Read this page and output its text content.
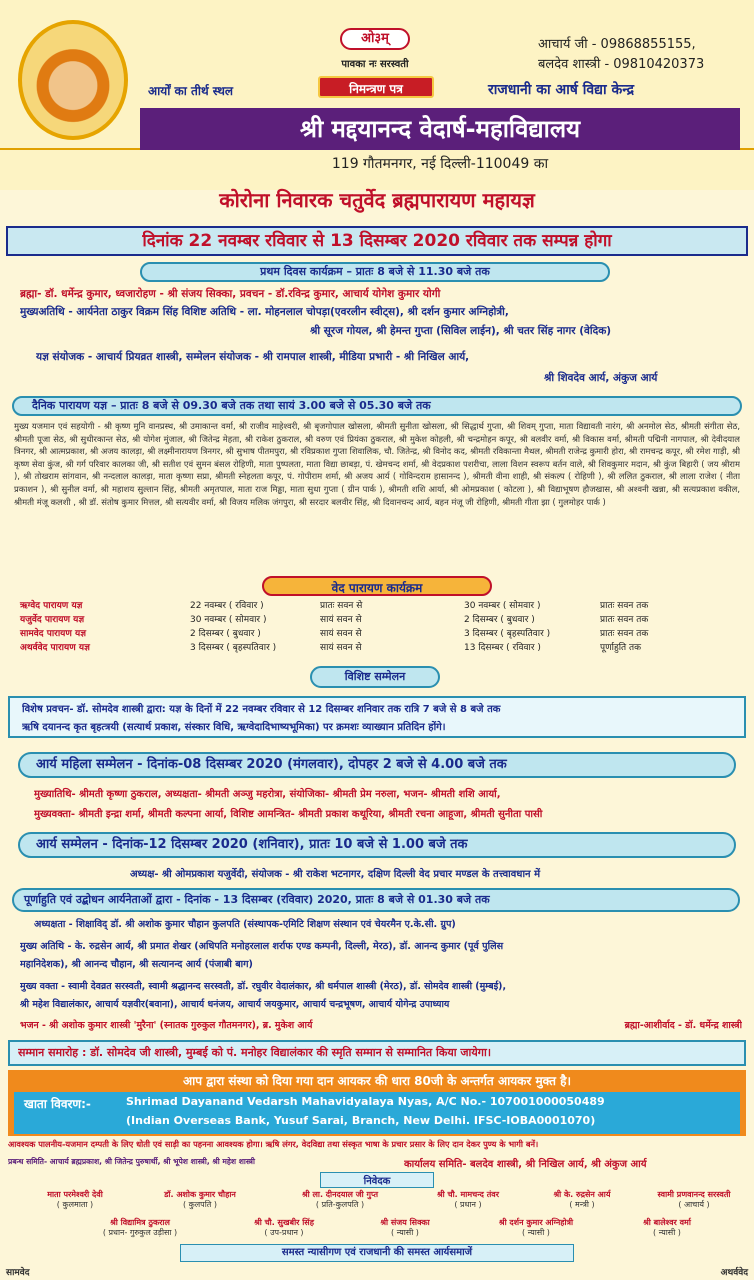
सामवेद	अथर्ववेद
ओ३म्
पावका नः सरस्वती
आचार्य जी - 09868855155,
बलदेव शास्त्री - 09810420373
आर्यों का तीर्थ स्थल	निमन्त्रण पत्र	राजधानी का आर्ष विद्या केन्द्र
श्री मद्दयानन्द वेदार्ष-महाविद्यालय
119 गौतमनगर, नई दिल्ली-110049 का
कोरोना निवारक चतुर्वेद ब्रह्मपारायण महायज्ञ
दिनांक 22 नवम्बर रविवार से 13 दिसम्बर 2020 रविवार तक सम्पन्न होगा
प्रथम दिवस कार्यक्रम – प्रातः 8 बजे से 11.30 बजे तक
ब्रह्मा- डॉ. धर्मेन्द्र कुमार, ध्वजारोहण - श्री संजय सिक्का, प्रवचन - डॉ.रविन्द्र कुमार, आचार्य योगेश कुमार योगी
मुख्यअतिथि - आर्यनेता ठाकुर विक्रम सिंह विशिष्ट अतिथि - ला. मोहनलाल चोपड़ा(एवरलीन स्वीट्स), श्री दर्शन कुमार अग्निहोत्री,
श्री सूरज गोयल, श्री हेमन्त गुप्ता (सिविल लाईन), श्री चतर सिंह नागर (वेदिक)
यज्ञ संयोजक - आचार्य प्रियव्रत शास्त्री, सम्मेलन संयोजक - श्री रामपाल शास्त्री, मीडिया प्रभारी - श्री निखिल आर्य,
श्री शिवदेव आर्य, अंकुज आर्य
दैनिक पारायण यज्ञ – प्रातः 8 बजे से 09.30 बजे तक तथा सायं 3.00 बजे से 05.30 बजे तक
मुख्य यजमान एवं सहयोगी - श्री कृष्ण मुनि वानप्रस्थ, श्री उमाकान्त वर्मा, श्री राजीव माहेश्वरी, श्री बृजगोपाल खोसला, श्रीमती सुनीता खोसला, श्री सिद्धार्थ गुप्ता, श्री शिवम् गुप्ता, माता विद्यावती नारंग, श्री अनमोल सेठ, श्रीमती संगीता सेठ, श्रीमती पूजा सेठ, श्री सुधीरकान्त सेठ, श्री योगेश मुंजाल, श्री जितेन्द्र मेहता, श्री राकेश ठुकराल, श्री वरुण एवं प्रियंका ठुकराल, श्री मुकेश कोहली, श्री चन्द्रमोहन कपूर, श्री बलवीर वर्मा, श्री विकास वर्मा, श्रीमती पद्मिनी नागपाल, श्री देवीदयाल त्रिनगर, श्री आत्मप्रकाश, श्री अजय कालड़ा, श्री लक्ष्मीनारायण त्रिनगर, श्री सुभाष पीतमपुरा, श्री रविप्रकाश गुप्ता शिवालिक, चौ. जितेन्द्र, श्री विनोद कद, श्रीमती रविकान्ता मैथल, श्रीमती राजेन्द्र कुमारी होरा, श्री रामचन्द्र कपूर, श्री रमेश गाड़ी, श्री कृष्ण सेवा कुंज, श्री गर्ग परिवार कालका जी, श्री सतीश एवं सुमन बंसल रोहिणी, माता पुष्पलता, माता विद्या छाबड़ा, पं. खेमचन्द शर्मा, श्री वेदप्रकाश पशरीचा, लाला विशन स्वरूप बर्तन वाले, श्री शिवकुमार मदान, श्री कुंज बिहारी ( जय श्रीराम ), श्री तोखराम सांगवान, श्री नन्दलाल कालड़ा, माता कृष्णा सप्रा, श्रीमती स्नेहलता कपूर, पं. गोपीराम शर्मा, श्री अजय आर्य ( गोविन्दराम हासानन्द ), श्रीमती वीना शाही, श्री संकल्प ( रोहिणी ), श्री ललित ठुकराल, श्री लाला राजेश ( नीता प्रकाशन ), श्री सुनील वर्मा, श्री महाशय सुल्तान सिंह, श्रीमती अमृतपाल, माता राज मिड्ढा, माता सुधा गुप्ता ( ग्रीन पार्क ), श्रीमती शशि आर्या, श्री ओमप्रकाश ( कोटला ), श्री विद्याभूषण हौजखास, श्री अश्वनी खन्ना, श्री सत्यप्रकाश वकील, श्रीमती मंजू कलशी , श्री डॉ. संतोष कुमार मित्तल, श्री सत्यवीर वर्मा, श्री विजय मलिक जंगपुरा, श्री सरदार बलवीर सिंह, श्री दिवानचन्द आर्य, बहन मंजू जी रोहिणी, श्रीमती गीता झा ( गुलमोहर पार्क )
वेद पारायण कार्यक्रम
ऋग्वेद पारायण यज्ञ	22 नवम्बर ( रविवार )	प्रातः सवन से	30 नवम्बर ( सोमवार )	प्रातः सवन तक
यजुर्वेद पारायण यज्ञ	30 नवम्बर ( सोमवार )	सायं सवन से	2 दिसम्बर ( बुधवार )	प्रातः सवन तक
सामवेद पारायण यज्ञ	2 दिसम्बर ( बुधवार )	सायं सवन से	3 दिसम्बर ( बृहस्पतिवार )	प्रातः सवन तक
अथर्ववेद पारायण यज्ञ	3 दिसम्बर ( बृहस्पतिवार )	सायं सवन से	13 दिसम्बर ( रविवार )	पूर्णाहुति तक
विशिष्ट सम्मेलन
विशेष प्रवचन- डॉ. सोमदेव शास्त्री द्वारा: यज्ञ के दिनों में 22 नवम्बर रविवार से 12 दिसम्बर शनिवार तक रात्रि 7 बजे से 8 बजे तक
ऋषि दयानन्द कृत बृहत्त्रयी (सत्यार्थ प्रकाश, संस्कार विधि, ऋग्वेदादिभाष्यभूमिका) पर क्रमशः व्याख्यान प्रतिदिन होंगे।
आर्य महिला सम्मेलन - दिनांक-08 दिसम्बर 2020 (मंगलवार), दोपहर 2 बजे से 4.00 बजे तक
मुख्यातिथि- श्रीमती कृष्णा ठुकराल, अध्यक्षता- श्रीमती अञ्जु महरोत्रा, संयोजिका- श्रीमती प्रेम नरुला, भजन- श्रीमती शशि आर्या,
मुख्यवक्ता- श्रीमती इन्द्रा शर्मा, श्रीमती कल्पना आर्या, विशिष्ट आमन्त्रित- श्रीमती प्रकाश कथूरिया, श्रीमती रचना आहूजा, श्रीमती सुनीता पासी
आर्य सम्मेलन - दिनांक-12 दिसम्बर 2020 (शनिवार), प्रातः 10 बजे से 1.00 बजे तक
अध्यक्ष- श्री ओमप्रकाश यजुर्वेदी, संयोजक - श्री राकेश भटनागर, दक्षिण दिल्ली वेद प्रचार मण्डल के तत्त्वावधान में
पूर्णाहुति एवं उद्बोधन आर्यनेताओं द्वारा - दिनांक - 13 दिसम्बर (रविवार) 2020, प्रातः 8 बजे से 01.30 बजे तक
अध्यक्षता - शिक्षाविद् डॉ. श्री अशोक कुमार चौहान कुलपति (संस्थापक-एमिटि शिक्षण संस्थान एवं चेयरमैन ए.के.सी. ग्रुप)
मुख्य अतिथि - के. रुद्रसेन आर्य, श्री प्रमात शेखर (अधिपति मनोहरलाल शर्राफ एण्ड कम्पनी, दिल्ली, मेरठ), डॉ. आनन्द कुमार (पूर्व पुलिस
महानिदेशक), श्री आनन्द चौहान, श्री सत्यानन्द आर्य (पंजाबी बाग)
मुख्य वक्ता - स्वामी देवव्रत सरस्वती, स्वामी श्रद्धानन्द सरस्वती, डॉ. रघुवीर वेदालंकार, श्री धर्मपाल शास्त्री (मेरठ), डॉ. सोमदेव शास्त्री (मुम्बई),
श्री महेश विद्यालंकार, आचार्य यज्ञवीर(बवाना), आचार्य धनंजय, आचार्य जयकुमार, आचार्य चन्द्रभूषण, आचार्य योगेन्द्र उपाध्याय
भजन - श्री अशोक कुमार शास्त्री 'मुरैना' (स्नातक गुरुकुल गौतमनगर), ब्र. मुकेश आर्य	ब्रह्मा-आशीर्वाद - डॉ. धर्मेन्द्र शास्त्री
सम्मान समारोह : डॉ. सोमदेव जी शास्त्री, मुम्बई को पं. मनोहर विद्यालंकार की स्मृति सम्मान से सम्मानित किया जायेगा।
आप द्वारा संस्था को दिया गया दान आयकर की धारा 80जी के अन्तर्गत आयकर मुक्त है।
खाता विवरण:-	Shrimad Dayanand Vedarsh Mahavidyalaya Nyas, A/C No.- 107001000050489
(Indian Overseas Bank, Yusuf Sarai, Branch, New Delhi. IFSC-IOBA0001070)
आवश्यक पालनीय-यजमान दम्पती के लिए धोती एवं साड़ी का पहनना आवश्यक होगा। ऋषि लंगर, वेदविद्या तथा संस्कृत भाषा के प्रचार प्रसार के लिए दान देकर पुण्य के भागी बनें।
प्रबन्ध समिति- आचार्य ब्रह्मप्रकाश, श्री जितेन्द्र पुरुषार्थी, श्री भूपेश शास्त्री, श्री महेश शास्त्री	कार्यालय समिति- बलदेव शास्त्री, श्री निखिल आर्य, श्री अंकुज आर्य
निवेदक
माता परमेश्वरी देवी
( कुलमाता )
डॉ. अशोक कुमार चौहान
( कुलपति )
श्री ला. दीनदयाल जी गुप्त
( प्रति-कुलपति )
श्री चौ. मामचन्द तंवर
( प्रधान )
श्री के. रुद्रसेन आर्य
( मन्त्री )
स्वामी प्रणवानन्द सरस्वती
( आचार्य )
श्री विद्यामित्र ठुकराल
( प्रधान- गुरुकुल उड़ीसा )
श्री चौ. सुखबीर सिंह
( उप-प्रधान )
श्री संजय सिक्का
( न्यासी )
श्री दर्शन कुमार अग्निहोत्री
( न्यासी )
श्री बालेश्वर वर्मा
( न्यासी )
समस्त न्यासीगण एवं राजधानी की समस्त आर्यसमाजें
